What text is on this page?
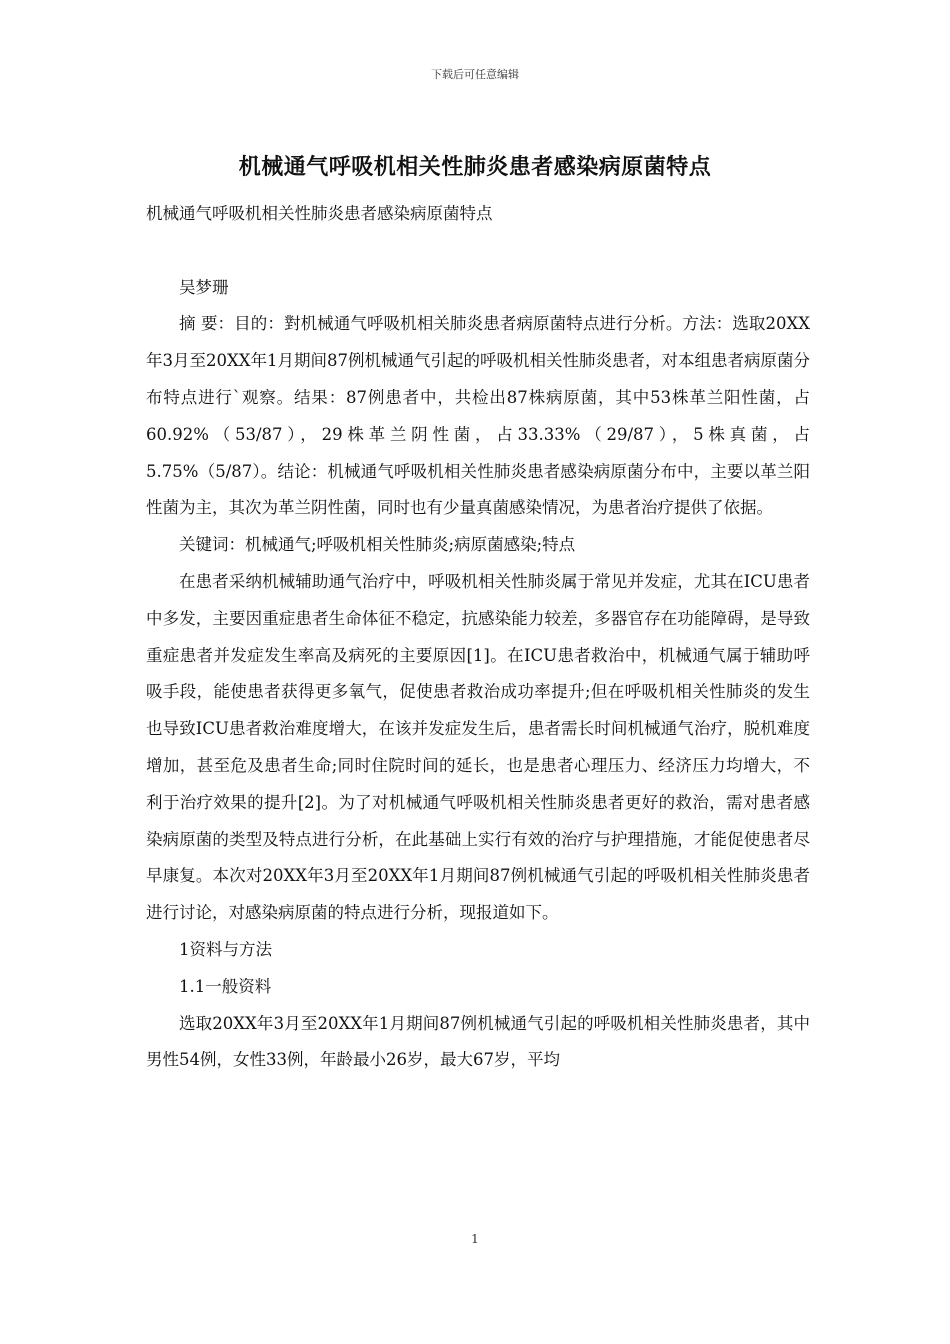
下载后可任意编辑
机械通气呼吸机相关性肺炎患者感染病原菌特点

机械通气呼吸机相关性肺炎患者感染病原菌特点

吴梦珊

摘 要：目的：對机械通气呼吸机相关肺炎患者病原菌特点进行分析。方法：选取20XX年3月至20XX年1月期间87例机械通气引起的呼吸机相关性肺炎患者，对本组患者病原菌分布特点进行`观察。结果：87例患者中，共检出87株病原菌，其中53株革兰阳性菌，占60.92%（53/87），29株革兰阴性菌，占33.33%（29/87），5株真菌，占5.75%（5/87）。结论：机械通气呼吸机相关性肺炎患者感染病原菌分布中，主要以革兰阳性菌为主，其次为革兰阴性菌，同时也有少量真菌感染情况，为患者治疗提供了依据。

关键词：机械通气;呼吸机相关性肺炎;病原菌感染;特点

在患者采纳机械辅助通气治疗中，呼吸机相关性肺炎属于常见并发症，尤其在ICU患者中多发，主要因重症患者生命体征不稳定，抗感染能力较差，多器官存在功能障碍，是导致重症患者并发症发生率高及病死的主要原因[1]。在ICU患者救治中，机械通气属于辅助呼吸手段，能使患者获得更多氧气，促使患者救治成功率提升;但在呼吸机相关性肺炎的发生也导致ICU患者救治难度增大，在该并发症发生后，患者需长时间机械通气治疗，脱机难度增加，甚至危及患者生命;同时住院时间的延长，也是患者心理压力、经济压力均增大，不利于治疗效果的提升[2]。为了对机械通气呼吸机相关性肺炎患者更好的救治，需对患者感染病原菌的类型及特点进行分析，在此基础上实行有效的治疗与护理措施，才能促使患者尽早康复。本次对20XX年3月至20XX年1月期间87例机械通气引起的呼吸机相关性肺炎患者进行讨论，对感染病原菌的特点进行分析，现报道如下。

1资料与方法

1.1一般资料

选取20XX年3月至20XX年1月期间87例机械通气引起的呼吸机相关性肺炎患者，其中男性54例，女性33例，年龄最小26岁，最大67岁，平均

1
